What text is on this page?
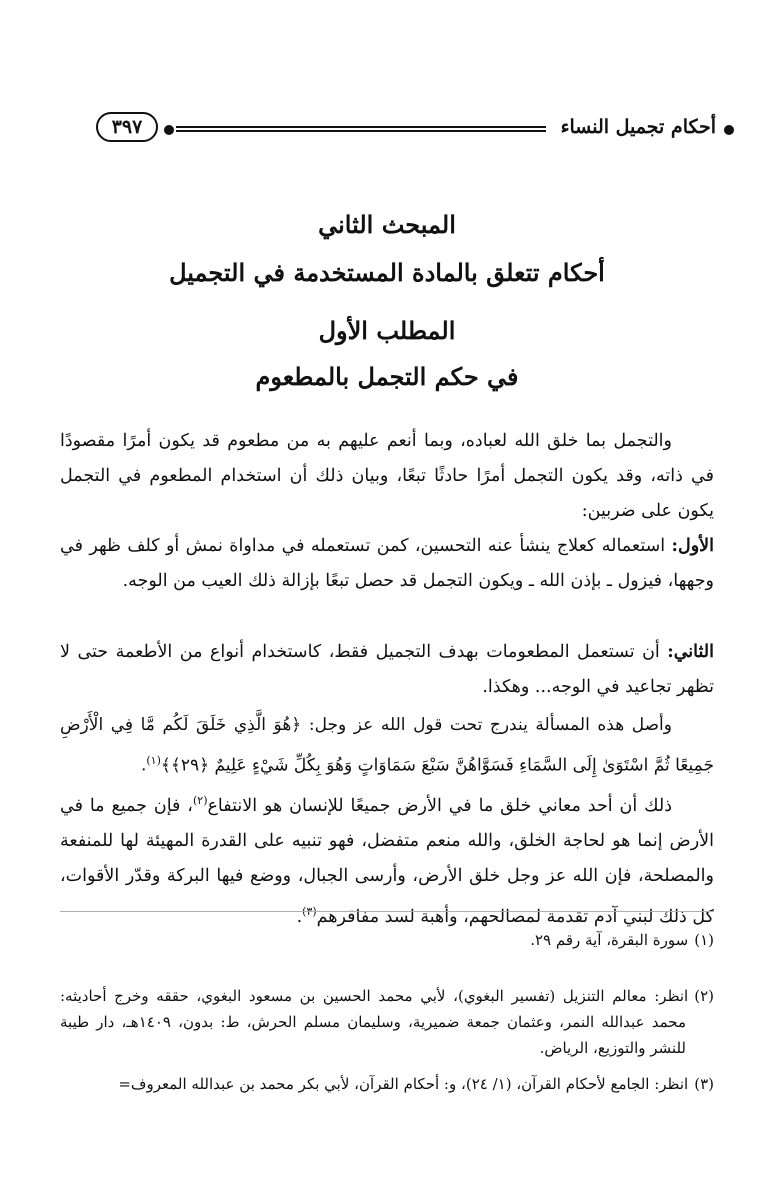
أحكام تجميل النساء
٣٩٧
المبحث الثاني
أحكام تتعلق بالمادة المستخدمة في التجميل
المطلب الأول
في حكم التجمل بالمطعوم

والتجمل بما خلق الله لعباده، وبما أنعم عليهم به من مطعوم قد يكون أمرًا مقصودًا في ذاته، وقد يكون التجمل أمرًا حادثًا تبعًا، وبيان ذلك أن استخدام المطعوم في التجمل يكون على ضربين:

الأول: استعماله كعلاج ينشأ عنه التحسين، كمن تستعمله في مداواة نمش أو كلف ظهر في وجهها، فيزول ـ بإذن الله ـ ويكون التجمل قد حصل تبعًا بإزالة ذلك العيب من الوجه.

الثاني: أن تستعمل المطعومات بهدف التجميل فقط، كاستخدام أنواع من الأطعمة حتى لا تظهر تجاعيد في الوجه... وهكذا.

وأصل هذه المسألة يندرج تحت قول الله عز وجل: ﴿هُوَ الَّذِي خَلَقَ لَكُم مَّا فِي الْأَرْضِ جَمِيعًا ثُمَّ اسْتَوَىٰ إِلَى السَّمَاءِ فَسَوَّاهُنَّ سَبْعَ سَمَاوَاتٍ وَهُوَ بِكُلِّ شَيْءٍ عَلِيمٌ ﴿٢٩﴾﴾$^{(١)}$.

ذلك أن أحد معاني خلق ما في الأرض جميعًا للإنسان هو الانتفاع$^{(٢)}$، فإن جميع ما في الأرض إنما هو لحاجة الخلق، والله منعم متفضل، فهو تنبيه على القدرة المهيئة لها للمنفعة والمصلحة، فإن الله عز وجل خلق الأرض، وأرسى الجبال، ووضع فيها البركة وقدّر الأقوات، كل ذلك لبني آدم تقدمة لمصالحهم، وأهبة لسد مفاقرهم$^{(٣)}$.

(١)سورة البقرة، آية رقم ٢٩.

(٢)انظر: معالم التنزيل (تفسير البغوي)، لأبي محمد الحسين بن مسعود البغوي، حققه وخرج أحاديثه: محمد عبدالله النمر، وعثمان جمعة ضميرية، وسليمان مسلم الحرش، ط: بدون، ١٤٠٩هـ، دار طيبة للنشر والتوزيع، الرياض.

(٣)انظر: الجامع لأحكام القرآن، (١/ ٢٤)، و: أحكام القرآن، لأبي بكر محمد بن عبدالله المعروف=
